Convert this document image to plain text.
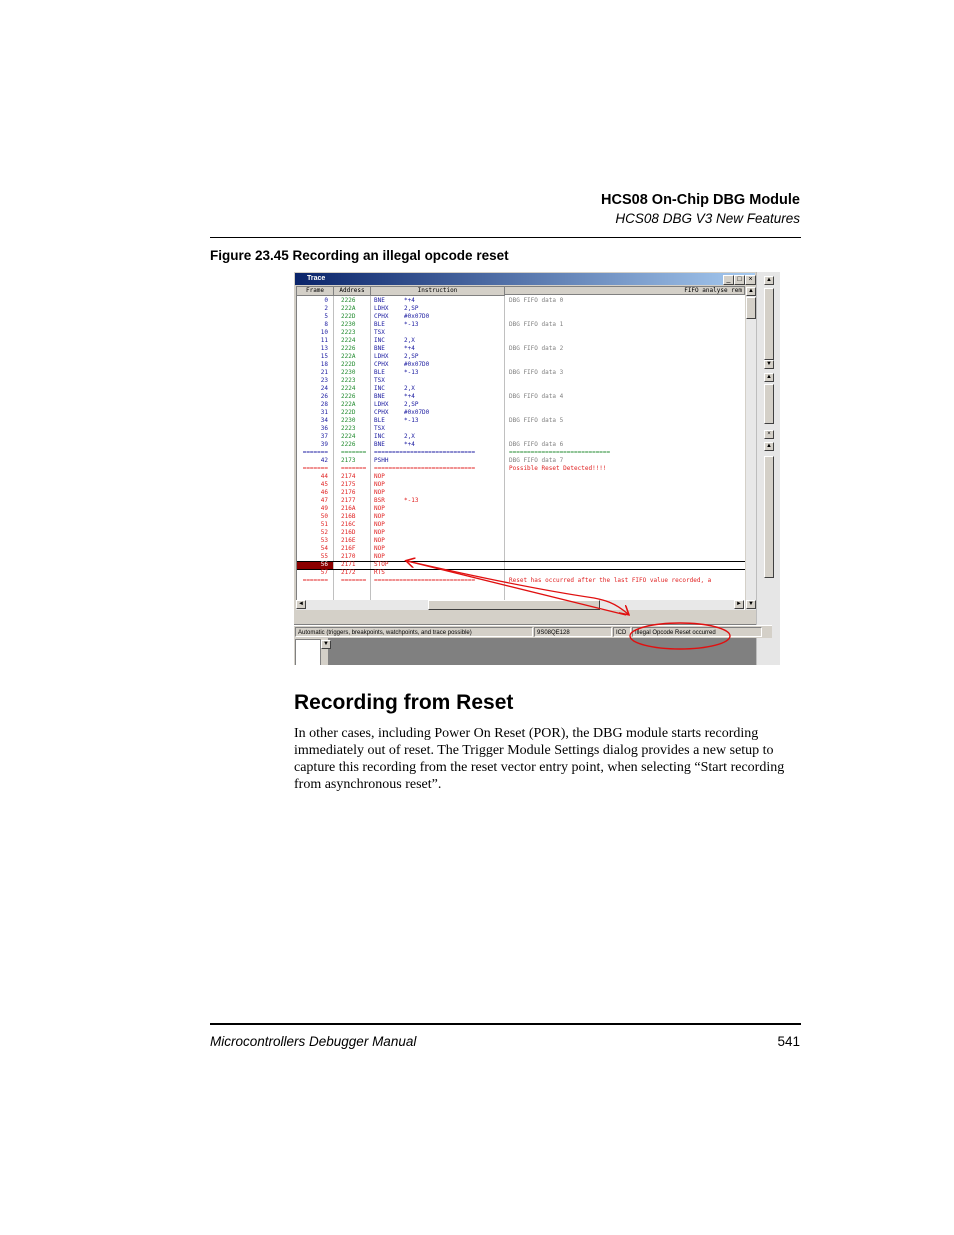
HCS08 On-Chip DBG Module
HCS08 DBG V3 New Features
Figure 23.45 Recording an illegal opcode reset
▲
▼
▲
×
▲
Trace	_ □ ×
Frame	Address	Instruction	FIFO analyse rem
0 2226	BNE	*+4	DBG FIFO data 0
2 222A	LDHX	2,SP
5 222D	CPHX	#0x07D0
8 2230	BLE	*-13	DBG FIFO data 1
10 2223	TSX
11 2224	INC	2,X
13 2226	BNE	*+4	DBG FIFO data 2
15 222A	LDHX	2,SP
18 222D	CPHX	#0x07D0
21 2230	BLE	*-13	DBG FIFO data 3
23 2223	TSX
24 2224	INC	2,X
26 2226	BNE	*+4	DBG FIFO data 4
28 222A	LDHX	2,SP
31 222D	CPHX	#0x07D0
34 2230	BLE	*-13	DBG FIFO data 5
36 2223	TSX
37 2224	INC	2,X
39 2226	BNE	*+4	DBG FIFO data 6
======= =======	============================	============================
42 2173	PSHH	DBG FIFO data 7
======= =======	============================	Possible Reset Detected!!!!
44 2174	NOP
45 2175	NOP
46 2176	NOP
47 2177	BSR	*-13
49 216A	NOP
50 216B	NOP
51 216C	NOP
52 216D	NOP
53 216E	NOP
54 216F	NOP
55 2170	NOP
56 2171	STOP
57 2172	RTS
======= =======	============================	Reset has occurred after the last FIFO value recorded, a
▲
▼
◄	►
Automatic (triggers, breakpoints, watchpoints, and trace possible)	9S08QE128	ICD	Illegal Opcode Reset occurred
▼
Recording from Reset
In other cases, including Power On Reset (POR), the DBG module starts recording immediately out of reset. The Trigger Module Settings dialog provides a new setup to capture this recording from the reset vector entry point, when selecting “Start recording from asynchronous reset”.
Microcontrollers Debugger Manual	541
